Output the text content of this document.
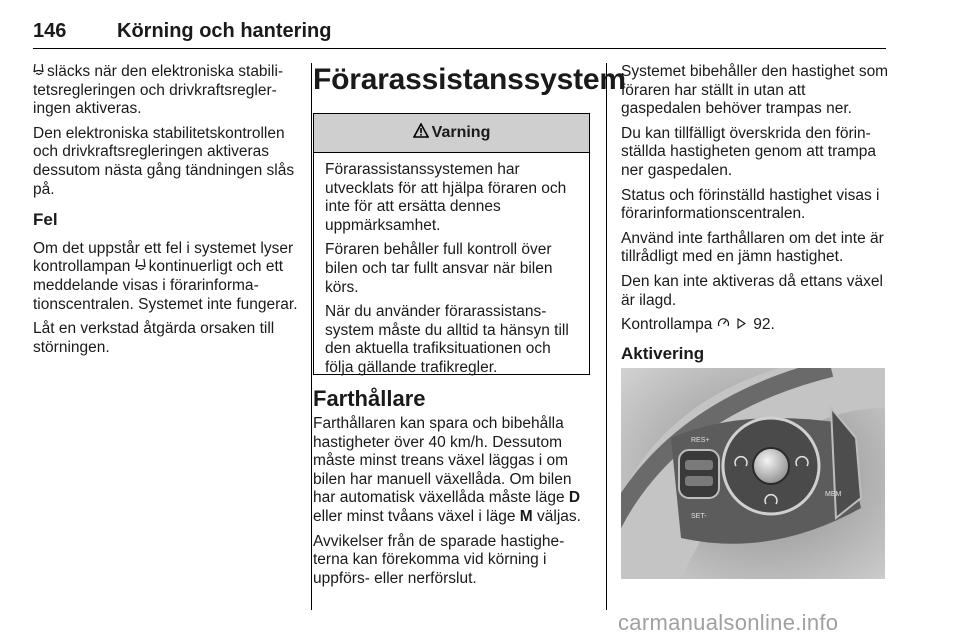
146	Körning och hantering

släcks när den elektroniska stabilitetsregleringen och drivkraftsregleringen aktiveras.

Den elektroniska stabilitetskontrollen och drivkraftsregleringen aktiveras dessutom nästa gång tändningen slås på.

Fel

Om det uppstår ett fel i systemet lyser kontrollampan kontinuerligt och ett meddelande visas i förarinformationscentralen. Systemet inte fungerar.

Låt en verkstad åtgärda orsaken till störningen.

Förarassistanssystem
Varning

Förarassistanssystemen har utvecklats för att hjälpa föraren och inte för att ersätta dennes uppmärksamhet.

Föraren behåller full kontroll över bilen och tar fullt ansvar när bilen körs.

När du använder förarassistanssystem måste du alltid ta hänsyn till den aktuella trafiksituationen och följa gällande trafikregler.

Farthållare

Farthållaren kan spara och bibehålla hastigheter över 40 km/h. Dessutom måste minst treans växel läggas i om bilen har manuell växellåda. Om bilen har automatisk växellåda måste läge D eller minst tvåans växel i läge M väljas.

Avvikelser från de sparade hastigheterna kan förekomma vid körning i uppförs- eller nerförslut.

Systemet bibehåller den hastighet som föraren har ställt in utan att gaspedalen behöver trampas ner.

Du kan tillfälligt överskrida den förinställda hastigheten genom att trampa ner gaspedalen.

Status och förinställd hastighet visas i förarinformationscentralen.

Använd inte farthållaren om det inte är tillrådligt med en jämn hastighet.

Den kan inte aktiveras då ettans växel är ilagd.

Kontrollampa	92.

Aktivering
RES+
SET-
MEM
carmanualsonline.info
